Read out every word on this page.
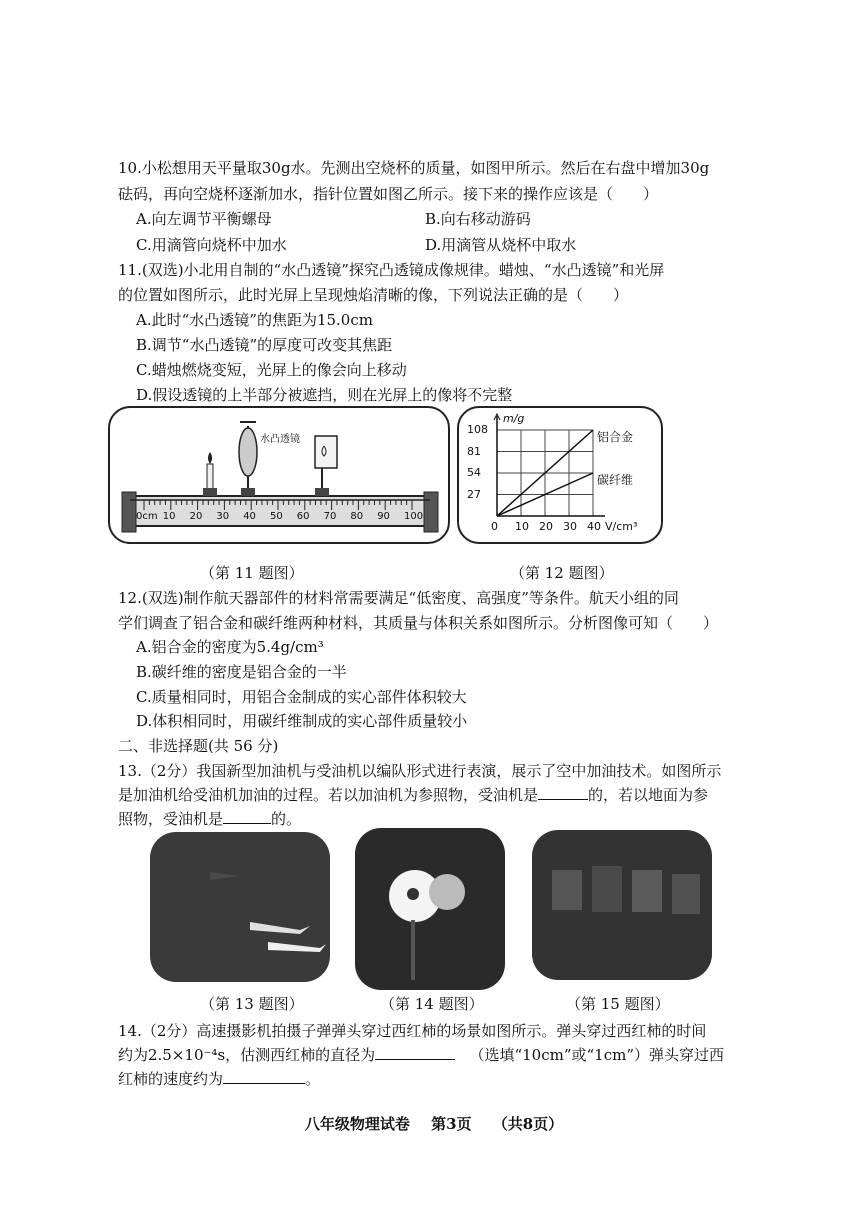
10.小松想用天平量取30g水。先测出空烧杯的质量，如图甲所示。然后在右盘中增加30g
砝码，再向空烧杯逐渐加水，指针位置如图乙所示。接下来的操作应该是（　　）
A.向左调节平衡螺母	B.向右移动游码
C.用滴管向烧杯中加水	D.用滴管从烧杯中取水
11.(双选)小北用自制的“水凸透镜”探究凸透镜成像规律。蜡烛、“水凸透镜”和光屏
的位置如图所示，此时光屏上呈现烛焰清晰的像，下列说法正确的是（　　）
A.此时“水凸透镜”的焦距为15.0cm
B.调节“水凸透镜”的厚度可改变其焦距
C.蜡烛燃烧变短，光屏上的像会向上移动
D.假设透镜的上半部分被遮挡，则在光屏上的像将不完整
水凸透镜
0cm 10 20 30 40 50 60 70 80 90 100
m/g
V/cm³
铝合金
碳纤维
0 10 20 30 40
27
54
81
108
（第 11 题图）	（第 12 题图）
12.(双选)制作航天器部件的材料常需要满足“低密度、高强度”等条件。航天小组的同
学们调查了铝合金和碳纤维两种材料，其质量与体积关系如图所示。分析图像可知（　　）
A.铝合金的密度为5.4g/cm³
B.碳纤维的密度是铝合金的一半
C.质量相同时，用铝合金制成的实心部件体积较大
D.体积相同时，用碳纤维制成的实心部件质量较小
二、非选择题(共 56 分)
13.（2分）我国新型加油机与受油机以编队形式进行表演，展示了空中加油技术。如图所示
是加油机给受油机加油的过程。若以加油机为参照物，受油机是	的，若以地面为参
照物，受油机是	的。
（第 13 题图）	（第 14 题图）	（第 15 题图）
14.（2分）高速摄影机拍摄子弹弹头穿过西红柿的场景如图所示。弹头穿过西红柿的时间
约为2.5×10⁻⁴s，估测西红柿的直径为	（选填“10cm”或“1cm”）弹头穿过西
红柿的速度约为	。
八年级物理试卷 第3页 （共8页）
